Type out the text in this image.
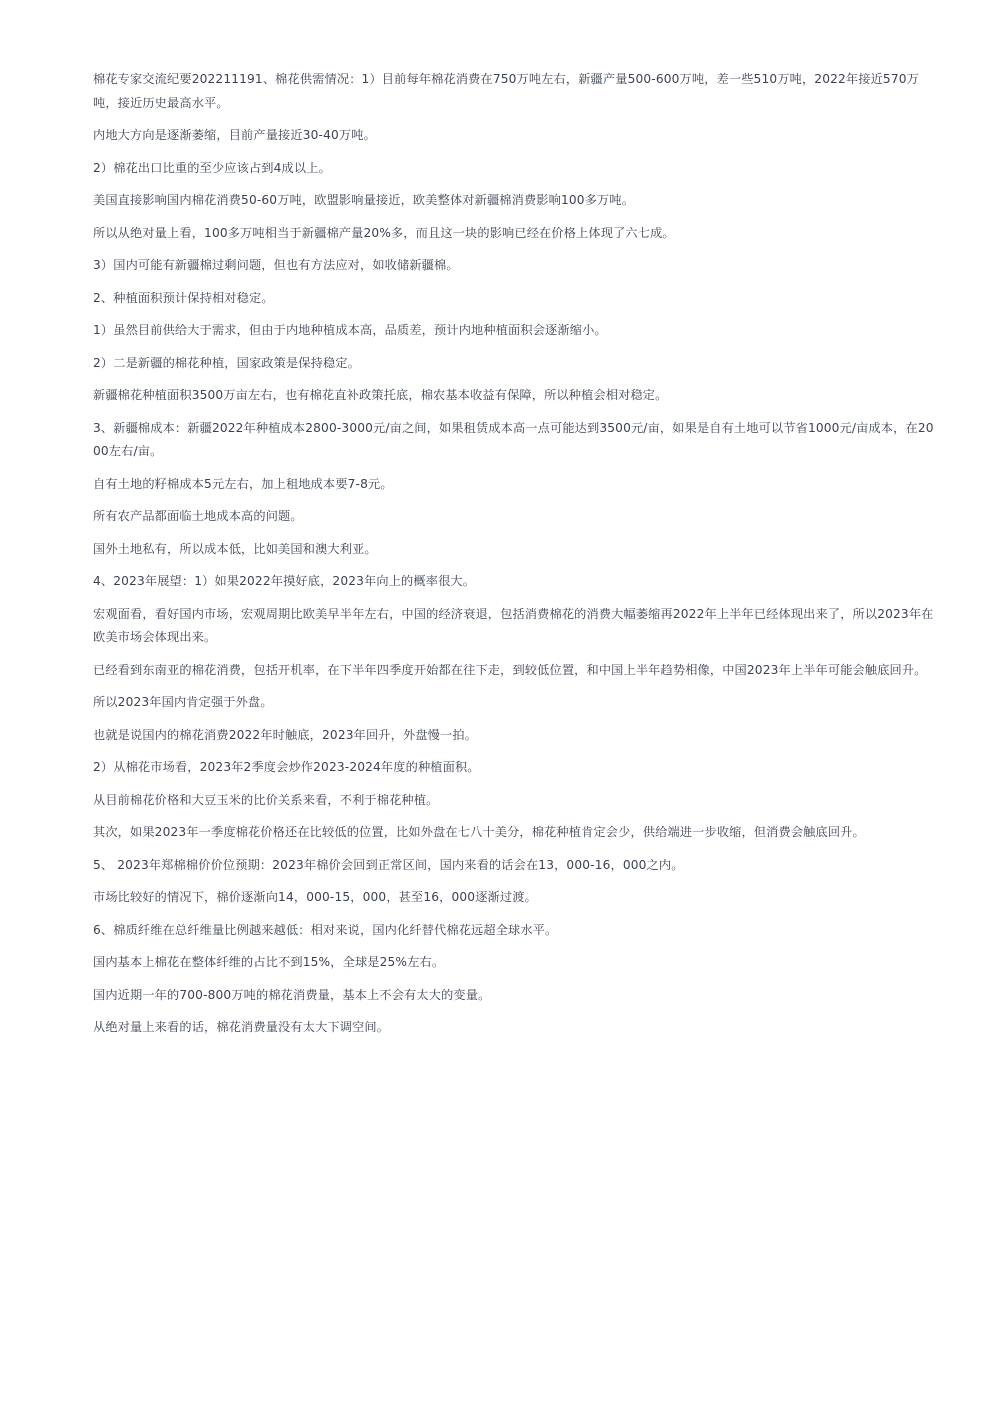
棉花专家交流纪要202211191、棉花供需情况：1）目前每年棉花消费在750万吨左右，新疆产量500-600万吨，差一些510万吨，2022年接近570万吨，接近历史最高水平。

内地大方向是逐渐萎缩，目前产量接近30-40万吨。

2）棉花出口比重的至少应该占到4成以上。

美国直接影响国内棉花消费50-60万吨，欧盟影响量接近，欧美整体对新疆棉消费影响100多万吨。

所以从绝对量上看，100多万吨相当于新疆棉产量20%多，而且这一块的影响已经在价格上体现了六七成。

3）国内可能有新疆棉过剩问题，但也有方法应对，如收储新疆棉。

2、种植面积预计保持相对稳定。

1）虽然目前供给大于需求，但由于内地种植成本高，品质差，预计内地种植面积会逐渐缩小。

2）二是新疆的棉花种植，国家政策是保持稳定。

新疆棉花种植面积3500万亩左右，也有棉花直补政策托底，棉农基本收益有保障，所以种植会相对稳定。

3、新疆棉成本：新疆2022年种植成本2800-3000元/亩之间，如果租赁成本高一点可能达到3500元/亩，如果是自有土地可以节省1000元/亩成本，在2000左右/亩。

自有土地的籽棉成本5元左右，加上租地成本要7-8元。

所有农产品都面临土地成本高的问题。

国外土地私有，所以成本低，比如美国和澳大利亚。

4、2023年展望：1）如果2022年摸好底，2023年向上的概率很大。

宏观面看，看好国内市场，宏观周期比欧美早半年左右，中国的经济衰退，包括消费棉花的消费大幅萎缩再2022年上半年已经体现出来了，所以2023年在欧美市场会体现出来。

已经看到东南亚的棉花消费，包括开机率，在下半年四季度开始都在往下走，到较低位置，和中国上半年趋势相像，中国2023年上半年可能会触底回升。

所以2023年国内肯定强于外盘。

也就是说国内的棉花消费2022年时触底，2023年回升，外盘慢一拍。

2）从棉花市场看，2023年2季度会炒作2023-2024年度的种植面积。

从目前棉花价格和大豆玉米的比价关系来看，不利于棉花种植。

其次，如果2023年一季度棉花价格还在比较低的位置，比如外盘在七八十美分，棉花种植肯定会少，供给端进一步收缩，但消费会触底回升。

5、 2023年郑棉棉价价位预期：2023年棉价会回到正常区间，国内来看的话会在13，000-16，000之内。

市场比较好的情况下，棉价逐渐向14，000-15，000，甚至16，000逐渐过渡。

6、棉质纤维在总纤维量比例越来越低：相对来说，国内化纤替代棉花远超全球水平。

国内基本上棉花在整体纤维的占比不到15%，全球是25%左右。

国内近期一年的700-800万吨的棉花消费量，基本上不会有太大的变量。

从绝对量上来看的话，棉花消费量没有太大下调空间。
